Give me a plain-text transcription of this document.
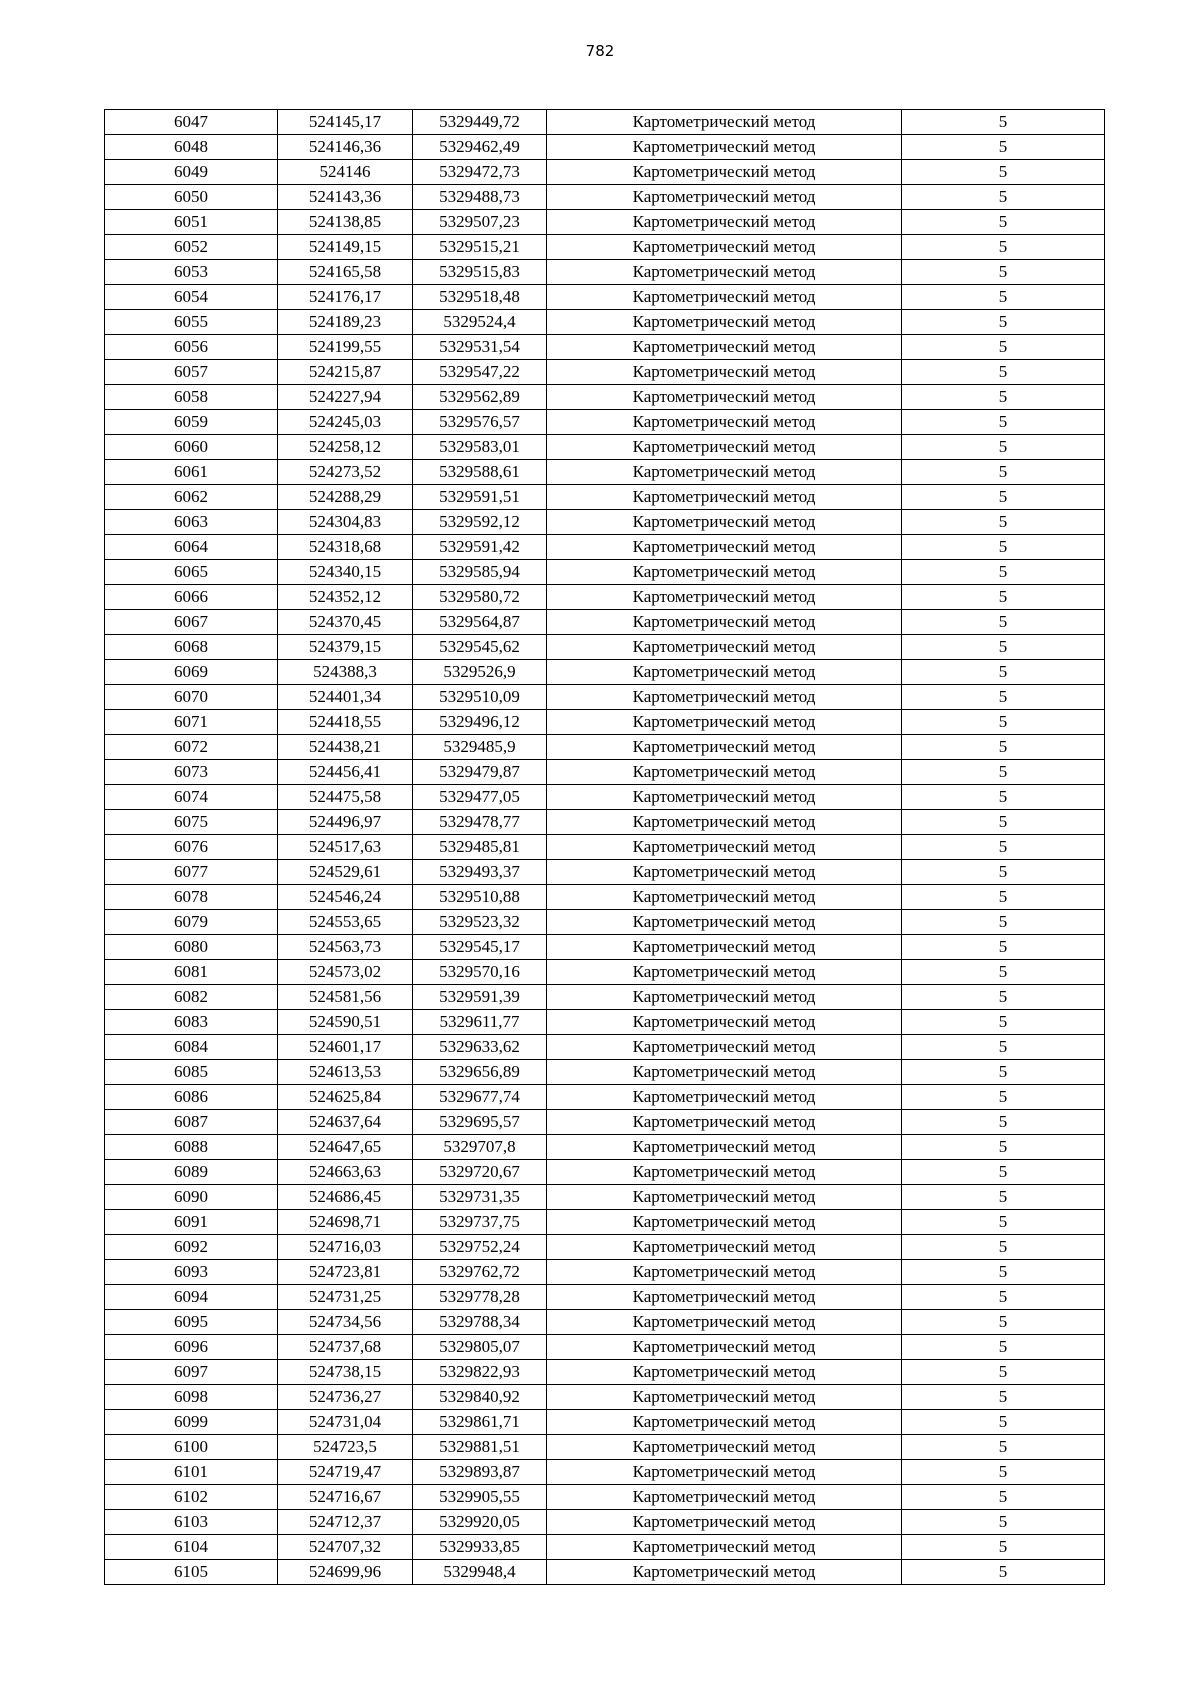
782
6047	524145,17	5329449,72	Картометрический метод	5
6048	524146,36	5329462,49	Картометрический метод	5
6049	524146	5329472,73	Картометрический метод	5
6050	524143,36	5329488,73	Картометрический метод	5
6051	524138,85	5329507,23	Картометрический метод	5
6052	524149,15	5329515,21	Картометрический метод	5
6053	524165,58	5329515,83	Картометрический метод	5
6054	524176,17	5329518,48	Картометрический метод	5
6055	524189,23	5329524,4	Картометрический метод	5
6056	524199,55	5329531,54	Картометрический метод	5
6057	524215,87	5329547,22	Картометрический метод	5
6058	524227,94	5329562,89	Картометрический метод	5
6059	524245,03	5329576,57	Картометрический метод	5
6060	524258,12	5329583,01	Картометрический метод	5
6061	524273,52	5329588,61	Картометрический метод	5
6062	524288,29	5329591,51	Картометрический метод	5
6063	524304,83	5329592,12	Картометрический метод	5
6064	524318,68	5329591,42	Картометрический метод	5
6065	524340,15	5329585,94	Картометрический метод	5
6066	524352,12	5329580,72	Картометрический метод	5
6067	524370,45	5329564,87	Картометрический метод	5
6068	524379,15	5329545,62	Картометрический метод	5
6069	524388,3	5329526,9	Картометрический метод	5
6070	524401,34	5329510,09	Картометрический метод	5
6071	524418,55	5329496,12	Картометрический метод	5
6072	524438,21	5329485,9	Картометрический метод	5
6073	524456,41	5329479,87	Картометрический метод	5
6074	524475,58	5329477,05	Картометрический метод	5
6075	524496,97	5329478,77	Картометрический метод	5
6076	524517,63	5329485,81	Картометрический метод	5
6077	524529,61	5329493,37	Картометрический метод	5
6078	524546,24	5329510,88	Картометрический метод	5
6079	524553,65	5329523,32	Картометрический метод	5
6080	524563,73	5329545,17	Картометрический метод	5
6081	524573,02	5329570,16	Картометрический метод	5
6082	524581,56	5329591,39	Картометрический метод	5
6083	524590,51	5329611,77	Картометрический метод	5
6084	524601,17	5329633,62	Картометрический метод	5
6085	524613,53	5329656,89	Картометрический метод	5
6086	524625,84	5329677,74	Картометрический метод	5
6087	524637,64	5329695,57	Картометрический метод	5
6088	524647,65	5329707,8	Картометрический метод	5
6089	524663,63	5329720,67	Картометрический метод	5
6090	524686,45	5329731,35	Картометрический метод	5
6091	524698,71	5329737,75	Картометрический метод	5
6092	524716,03	5329752,24	Картометрический метод	5
6093	524723,81	5329762,72	Картометрический метод	5
6094	524731,25	5329778,28	Картометрический метод	5
6095	524734,56	5329788,34	Картометрический метод	5
6096	524737,68	5329805,07	Картометрический метод	5
6097	524738,15	5329822,93	Картометрический метод	5
6098	524736,27	5329840,92	Картометрический метод	5
6099	524731,04	5329861,71	Картометрический метод	5
6100	524723,5	5329881,51	Картометрический метод	5
6101	524719,47	5329893,87	Картометрический метод	5
6102	524716,67	5329905,55	Картометрический метод	5
6103	524712,37	5329920,05	Картометрический метод	5
6104	524707,32	5329933,85	Картометрический метод	5
6105	524699,96	5329948,4	Картометрический метод	5
